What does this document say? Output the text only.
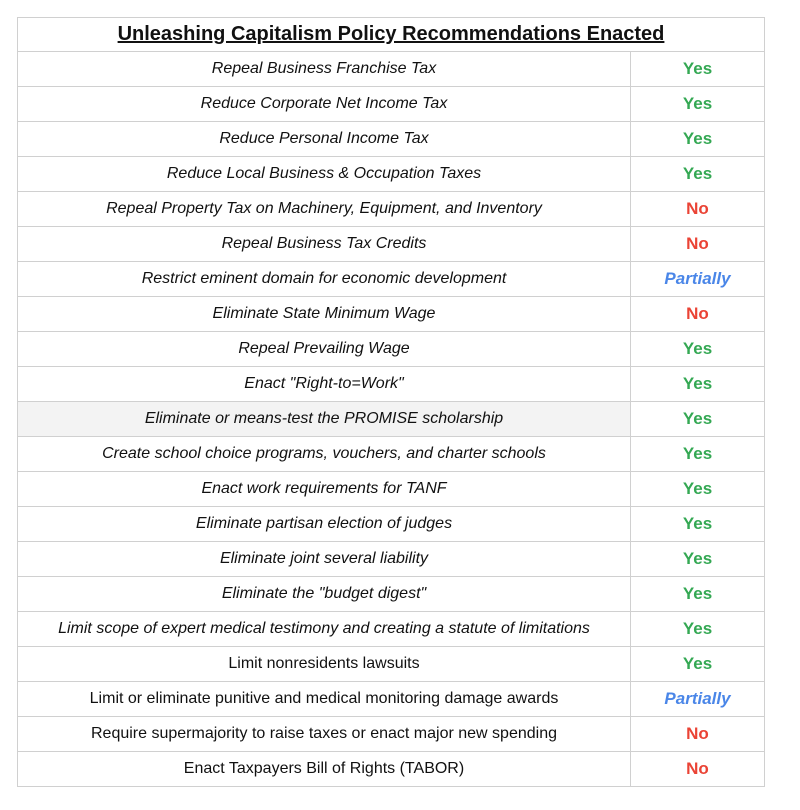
Unleashing Capitalism Policy Recommendations Enacted	
Repeal Business Franchise Tax	Yes
Reduce Corporate Net Income Tax	Yes
Reduce Personal Income Tax	Yes
Reduce Local Business & Occupation Taxes	Yes
Repeal Property Tax on Machinery, Equipment, and Inventory	No
Repeal Business Tax Credits	No
Restrict eminent domain for economic development	Partially
Eliminate State Minimum Wage	No
Repeal Prevailing Wage	Yes
Enact "Right-to=Work"	Yes
Eliminate or means-test the PROMISE scholarship	Yes
Create school choice programs, vouchers, and charter schools	Yes
Enact work requirements for TANF	Yes
Eliminate partisan election of judges	Yes
Eliminate joint several liability	Yes
Eliminate the "budget digest"	Yes
Limit scope of expert medical testimony and creating a statute of limitations	Yes
Limit nonresidents lawsuits	Yes
Limit or eliminate punitive and medical monitoring damage awards	Partially
Require supermajority to raise taxes or enact major new spending	No
Enact Taxpayers Bill of Rights (TABOR)	No
